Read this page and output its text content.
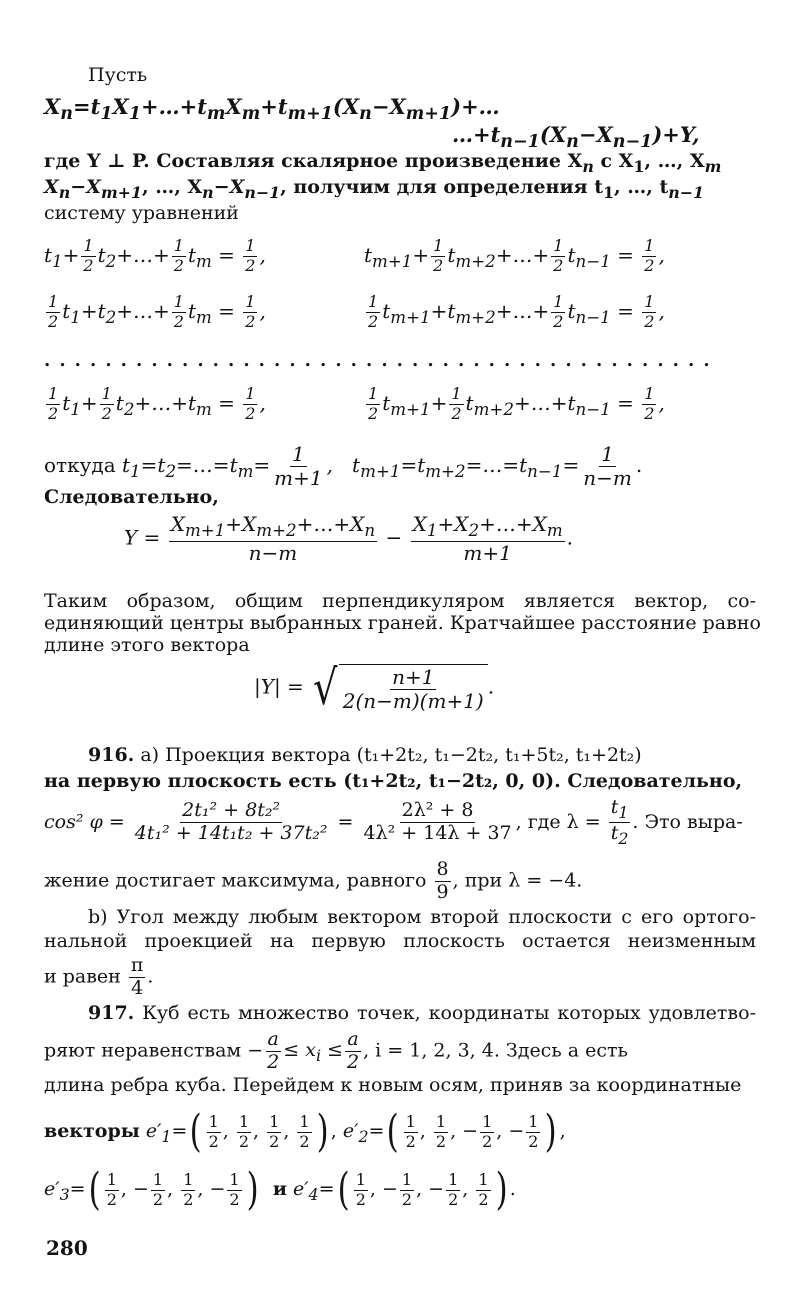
Пусть
$X_n=t_1X_1+\dots+t_mX_m+t_{m+1}(X_n-X_{m+1})+\dots$
$\dots+t_{n-1}(X_n-X_{n-1})+Y$,
где Y ⊥ P. Составляя скалярное произведение $X_n$ с $X_1$, …, $X_m$
$X_n-X_{m+1}$, …, $X_n-X_{n-1}$, получим для определения $t_1$, …, $t_{n-1}$
систему уравнений
$t_1+ \frac{1}{2}$ $t_2+\dots+ \frac{1}{2} t_m = \frac{1}{2}$ ,	$t_{m+1}+ \frac{1}{2}$ $t_{m+2}+\dots+ \frac{1}{2} t_{n-1} = \frac{1}{2}$ ,
$\frac{1}{2}$ $t_1+t_2+\dots+ \frac{1}{2} t_m = \frac{1}{2}$ ,	$\frac{1}{2}$ $t_{m+1}+t_{m+2}+\dots+ \frac{1}{2} t_{n-1} = \frac{1}{2}$ ,
. . . . . . . . . . . . . . . . . . . . . . . . . . . . . . . . . . . . . . . . . . . .
$\frac{1}{2} t_1+ \frac{1}{2}$ $t_2+\dots+t_m = \frac{1}{2}$ ,	$\frac{1}{2} t_{m+1}+ \frac{1}{2}$ $t_{m+2}+\dots+t_{n-1} = \frac{1}{2}$ ,
откуда $t_1=t_2=\dots=t_m= \frac{1}{m+1}$ ,   $t_{m+1}=t_{m+2}=\dots=t_{n-1}= \frac{1}{n-m}$ .
Следовательно,
$Y = \frac{X_{m+1}+X_{m+2}+\dots+X_n}{n-m} - \frac{X_1+X_2+\dots+X_m}{m+1}$ .
Таким образом, общим перпендикуляром является вектор, со-
единяющий центры выбранных граней. Кратчайшее расстояние равно
длине этого вектора
|Y| = √ $\frac{n+1}{2(n-m)(m+1)}$ .
916. а) Проекция вектора (t₁+2t₂, t₁−2t₂, t₁+5t₂, t₁+2t₂)
на первую плоскость есть (t₁+2t₂, t₁−2t₂, 0, 0). Следовательно,
cos² $\varphi = \frac{\text{2t₁² + 8t₂²}}{\text{4t₁² + 14t₁t₂ + 37t₂²}} = \frac{\text{2λ² + 8}}{\text{4λ² + 14λ + 37}}$ , где $\lambda = \frac{t_1}{t_2}$ . Это выра-
жение достигает максимума, равного $\frac{8}{9}$ , при λ = −4.
b) Угол между любым вектором второй плоскости с его ортого-
нальной проекцией на первую плоскость остается неизменным
и равен $\frac{\pi}{4}$ .
917. Куб есть множество точек, координаты которых удовлетво-
ряют неравенствам − $\frac{a}{2} \le x_i \le \frac{a}{2}$ , i = 1, 2, 3, 4. Здесь a есть
длина ребра куба. Перейдем к новым осям, приняв за координатные
векторы $e'_1=( \frac{1}{2}$ , $\frac{1}{2}$ , $\frac{1}{2}$ , $\frac{1}{2}$ ) , $e'_2=( \frac{1}{2}$ , $\frac{1}{2}$ , − $\frac{1}{2}$ , − $\frac{1}{2}$ ) ,
$e'_3=( \frac{1}{2}$ , − $\frac{1}{2}$ , $\frac{1}{2}$ , − $\frac{1}{2}$ ) и $e'_4=( \frac{1}{2}$ , − $\frac{1}{2}$ , − $\frac{1}{2}$ , $\frac{1}{2}$ ) .
280
